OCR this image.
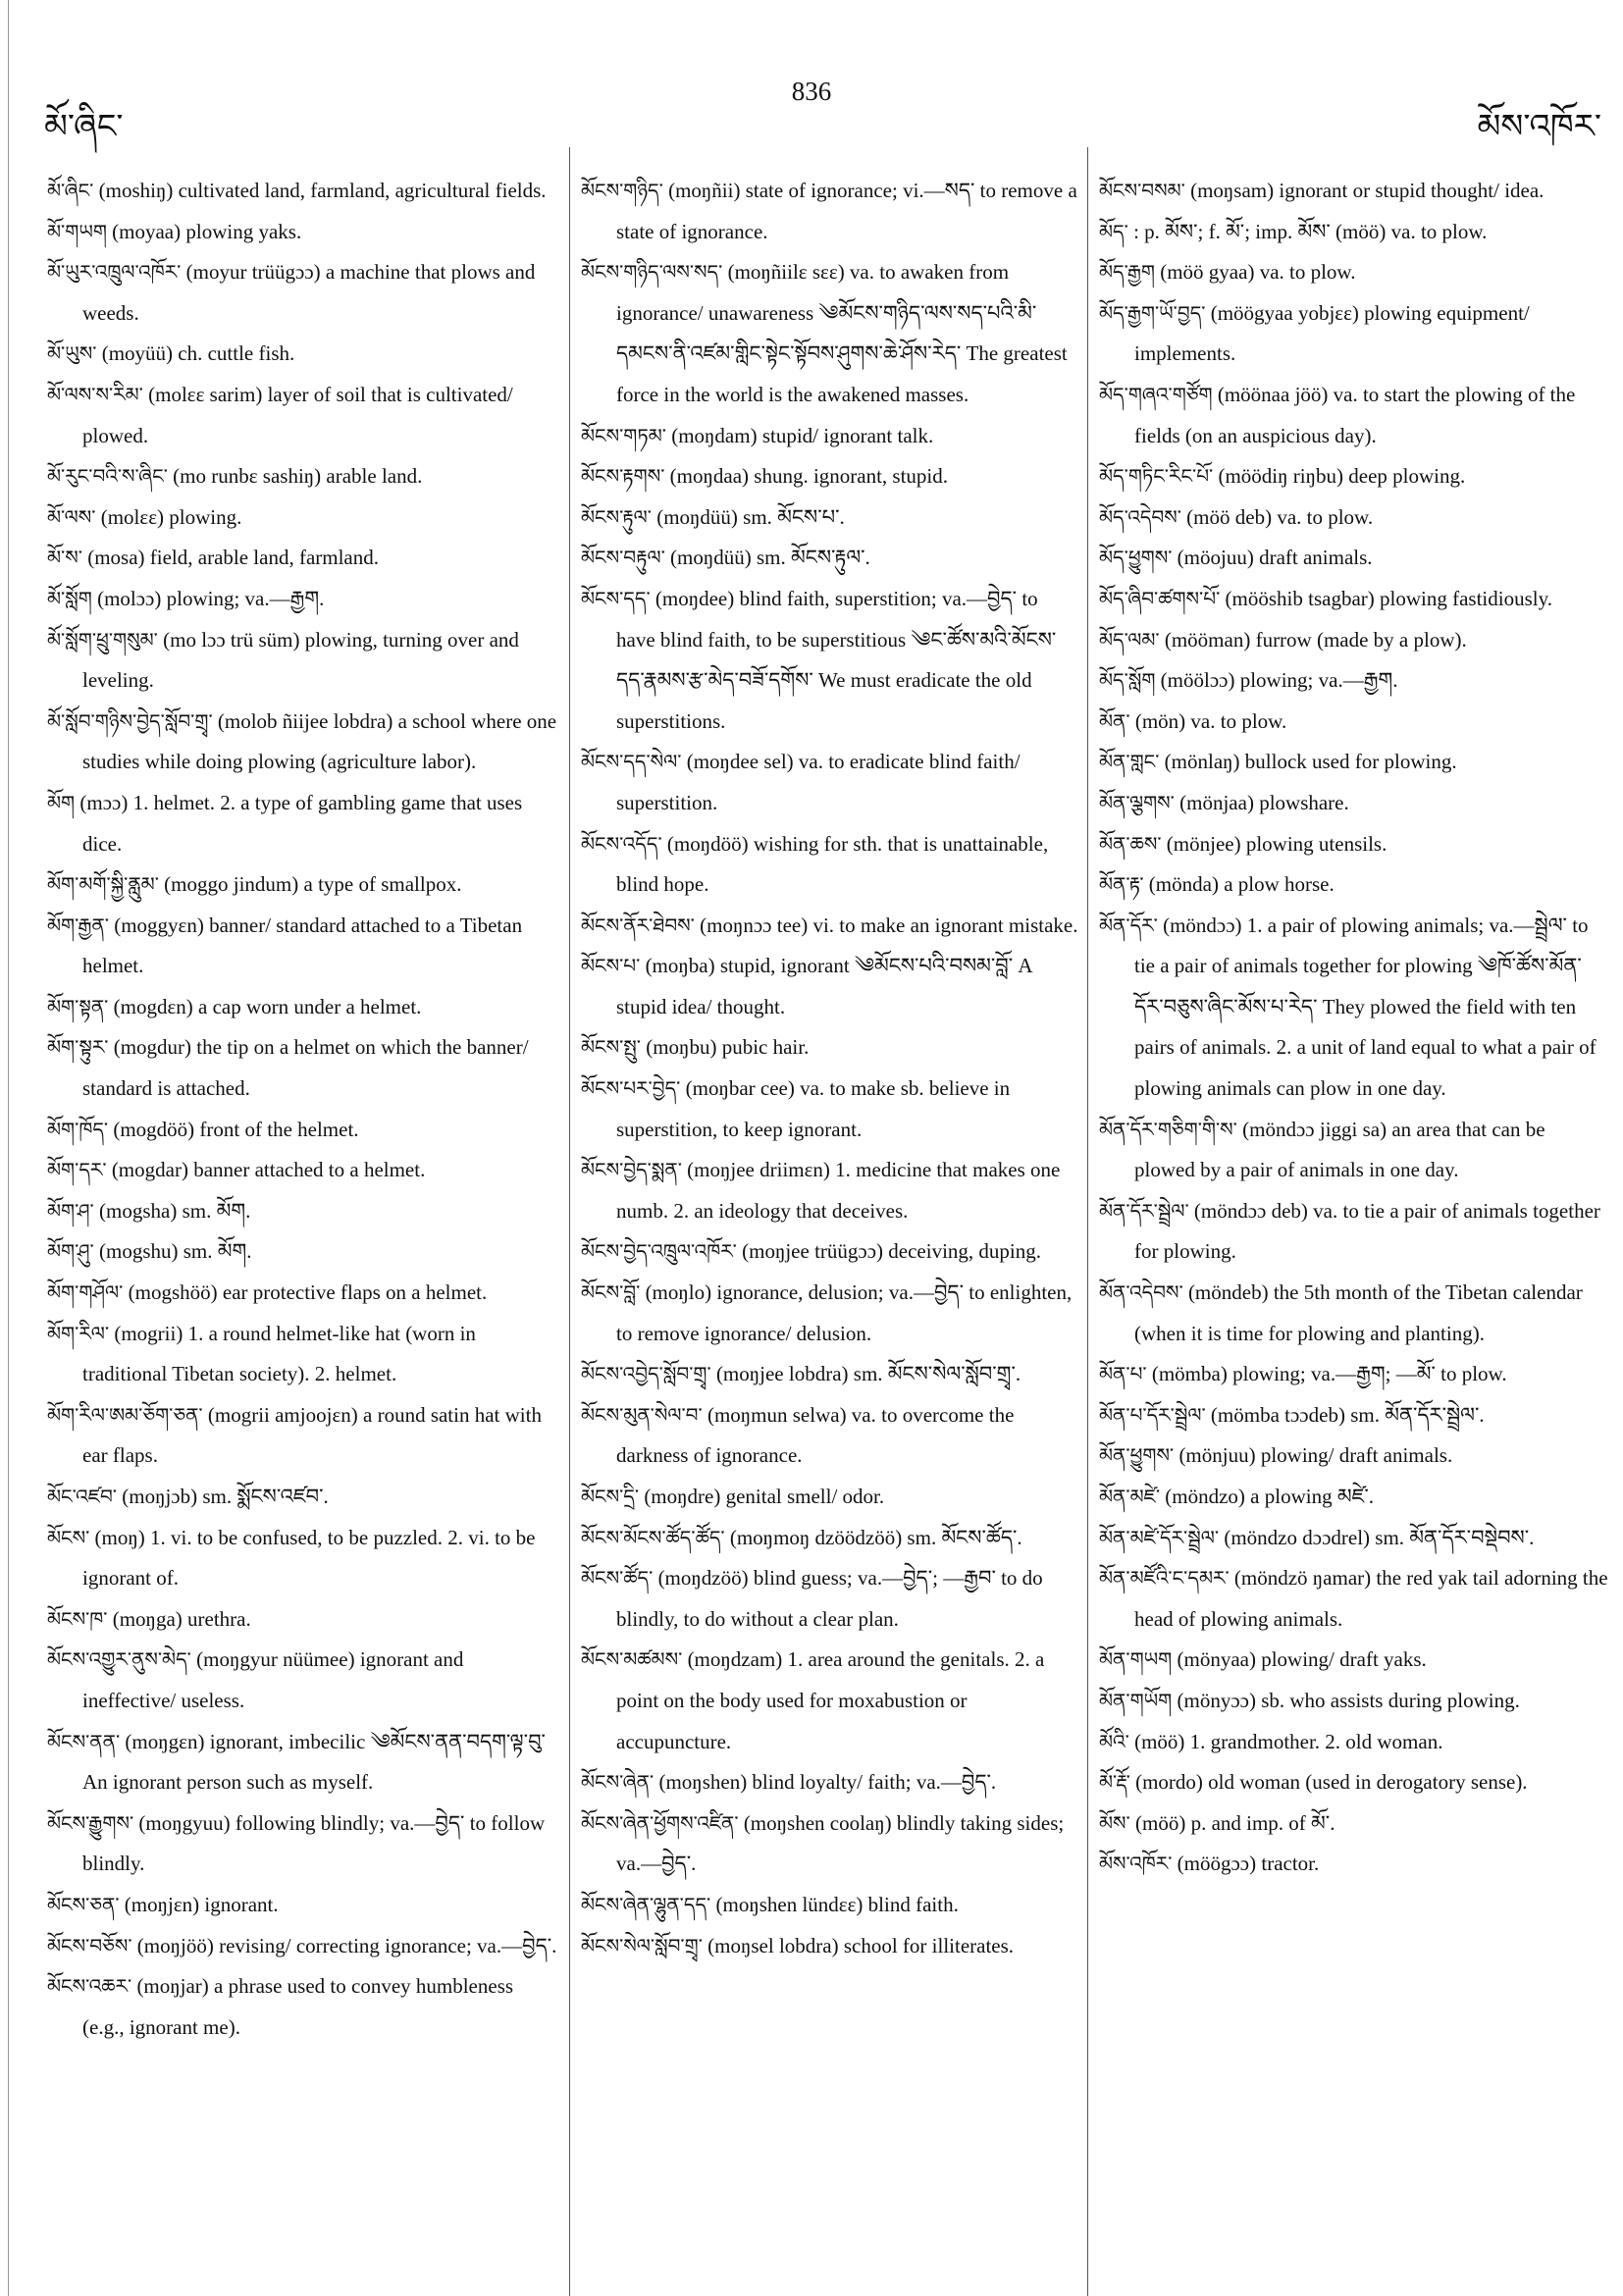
མོ་ཞིང་
836
མོས་འཁོར་

མོ་ཞིང་ (moshiŋ) cultivated land, farmland, agricultural fields.

མོ་གཡག (moyaa) plowing yaks.

མོ་ཡུར་འཁྲུལ་འཁོར་ (moyur trüügɔɔ) a machine that plows and weeds.

མོ་ཡུས་ (moyüü) ch. cuttle fish.

མོ་ལས་ས་རིམ་ (molɛɛ sarim) layer of soil that is cultivated/ plowed.

མོ་རུང་བའི་ས་ཞིང་ (mo runbɛ sashiŋ) arable land.

མོ་ལས་ (molɛɛ) plowing.

མོ་ས་ (mosa) field, arable land, farmland.

མོ་སློག (molɔɔ) plowing; va.—རྒྱག.

མོ་སློག་ཕྲུ་གསུམ་ (mo lɔɔ trü süm) plowing, turning over and leveling.

མོ་སློབ་གཉིས་བྱེད་སློབ་གྲྭ་ (molob ñiijee lobdra) a school where one studies while doing plowing (agriculture labor).

མོག (mɔɔ) 1. helmet. 2. a type of gambling game that uses dice.

མོག་མགོ་སྐྱི་ནླུམ་ (moggo jindum) a type of smallpox.

མོག་རྒྱན་ (moggyɛn) banner/ standard attached to a Tibetan helmet.

མོག་སྟན་ (mogdɛn) a cap worn under a helmet.

མོག་སྟུར་ (mogdur) the tip on a helmet on which the banner/ standard is attached.

མོག་ཁོད་ (mogdöö) front of the helmet.

མོག་དར་ (mogdar) banner attached to a helmet.

མོག་ཤ་ (mogsha) sm. མོག.

མོག་ཤུ་ (mogshu) sm. མོག.

མོག་གཤོལ་ (mogshöö) ear protective flaps on a helmet.

མོག་རིལ་ (mogrii) 1. a round helmet-like hat (worn in traditional Tibetan society). 2. helmet.

མོག་རིལ་ཨམ་ཅོག་ཅན་ (mogrii amjoojɛn) a round satin hat with ear flaps.

མོང་འཛབ་ (moŋjɔb) sm. སྨོངས་འཛབ་.

མོངས་ (moŋ) 1. vi. to be confused, to be puzzled. 2. vi. to be ignorant of.

མོངས་ཁ་ (moŋga) urethra.

མོངས་འགྱུར་ནུས་མེད་ (moŋgyur nüümee) ignorant and ineffective/ useless.

མོངས་ནན་ (moŋgɛn) ignorant, imbecilic ༄མོངས་ནན་བདག་ལྟ་བུ་ An ignorant person such as myself.

མོངས་རྒྱུགས་ (moŋgyuu) following blindly; va.—བྱེད་ to follow blindly.

མོངས་ཅན་ (moŋjɛn) ignorant.

མོངས་བཅོས་ (moŋjöö) revising/ correcting ignorance; va.—བྱེད་.

མོངས་འཆར་ (moŋjar) a phrase used to convey humbleness (e.g., ignorant me).

མོངས་གཉིད་ (moŋñii) state of ignorance; vi.—སད་ to remove a state of ignorance.

མོངས་གཉིད་ལས་སད་ (moŋñiilɛ sɛɛ) va. to awaken from ignorance/ unawareness ༄མོངས་གཉིད་ལས་སད་པའི་མི་དམངས་ནི་འཛམ་གླིང་སྟེང་སྟོབས་ཤུགས་ཆེ་ཤོས་རེད་ The greatest force in the world is the awakened masses.

མོངས་གཏམ་ (moŋdam) stupid/ ignorant talk.

མོངས་རྟགས་ (moŋdaa) shung. ignorant, stupid.

མོངས་རྟུལ་ (moŋdüü) sm. མོངས་པ་.

མོངས་བརྟུལ་ (moŋdüü) sm. མོངས་རྟུལ་.

མོངས་དད་ (moŋdee) blind faith, superstition; va.—བྱེད་ to have blind faith, to be superstitious ༄ང་ཚོས་མའི་མོངས་དད་རྣམས་རྩ་མེད་བཟོ་དགོས་ We must eradicate the old superstitions.

མོངས་དད་སེལ་ (moŋdee sel) va. to eradicate blind faith/ superstition.

མོངས་འདོད་ (moŋdöö) wishing for sth. that is unattainable, blind hope.

མོངས་ནོར་ཐེབས་ (moŋnɔɔ tee) vi. to make an ignorant mistake.

མོངས་པ་ (moŋba) stupid, ignorant ༄མོངས་པའི་བསམ་བློ་ A stupid idea/ thought.

མོངས་སྤུ་ (moŋbu) pubic hair.

མོངས་པར་བྱེད་ (moŋbar cee) va. to make sb. believe in superstition, to keep ignorant.

མོངས་བྱེད་སྨན་ (moŋjee driimɛn) 1. medicine that makes one numb. 2. an ideology that deceives.

མོངས་བྱེད་འཁྲུལ་འཁོར་ (moŋjee trüügɔɔ) deceiving, duping.

མོངས་བློ་ (moŋlo) ignorance, delusion; va.—བྱེད་ to enlighten, to remove ignorance/ delusion.

མོངས་འབྱེད་སློབ་གྲྭ་ (moŋjee lobdra) sm. མོངས་སེལ་སློབ་གྲྭ་.

མོངས་མུན་སེལ་བ་ (moŋmun selwa) va. to overcome the darkness of ignorance.

མོངས་དྲི་ (moŋdre) genital smell/ odor.

མོངས་མོངས་ཚོད་ཚོད་ (moŋmoŋ dzöödzöö) sm. མོངས་ཚོད་.

མོངས་ཚོད་ (moŋdzöö) blind guess; va.—བྱེད་; —རྒྱབ་ to do blindly, to do without a clear plan.

མོངས་མཚམས་ (moŋdzam) 1. area around the genitals. 2. a point on the body used for moxabustion or accupuncture.

མོངས་ཞེན་ (moŋshen) blind loyalty/ faith; va.—བྱེད་.

མོངས་ཞེན་ཕྱོགས་འཛིན་ (moŋshen coolaŋ) blindly taking sides; va.—བྱེད་.

མོངས་ཞེན་ལྷུན་དད་ (moŋshen lündɛɛ) blind faith.

མོངས་སེལ་སློབ་གྲྭ་ (moŋsel lobdra) school for illiterates.

མོངས་བསམ་ (moŋsam) ignorant or stupid thought/ idea.

མོད་ : p. མོས་; f. མོ་; imp. མོས་ (möö) va. to plow.

མོད་རྒྱག (möö gyaa) va. to plow.

མོད་རྒྱག་ཡོ་བྱད་ (möögyaa yobjɛɛ) plowing equipment/ implements.

མོད་གཞའ་གཙོག (möönaa jöö) va. to start the plowing of the fields (on an auspicious day).

མོད་གཏིང་རིང་པོ་ (möödiŋ riŋbu) deep plowing.

མོད་འདེབས་ (möö deb) va. to plow.

མོད་ཕྱུགས་ (möojuu) draft animals.

མོད་ཞིབ་ཚགས་པོ་ (mööshib tsagbar) plowing fastidiously.

མོད་ལམ་ (mööman) furrow (made by a plow).

མོད་སློག (möölɔɔ) plowing; va.—རྒྱག.

མོན་ (mön) va. to plow.

མོན་གླང་ (mönlaŋ) bullock used for plowing.

མོན་ལྕགས་ (mönjaa) plowshare.

མོན་ཆས་ (mönjee) plowing utensils.

མོན་རྟ་ (mönda) a plow horse.

མོན་དོར་ (möndɔɔ) 1. a pair of plowing animals; va.—སྦྲེལ་ to tie a pair of animals together for plowing ༄ཁོ་ཚོས་མོན་དོར་བཅུས་ཞིང་མོས་པ་རེད་ They plowed the field with ten pairs of animals. 2. a unit of land equal to what a pair of plowing animals can plow in one day.

མོན་དོར་གཅིག་གི་ས་ (möndɔɔ jiggi sa) an area that can be plowed by a pair of animals in one day.

མོན་དོར་སྦྲེལ་ (möndɔɔ deb) va. to tie a pair of animals together for plowing.

མོན་འདེབས་ (möndeb) the 5th month of the Tibetan calendar (when it is time for plowing and planting).

མོན་པ་ (mömba) plowing; va.—རྒྱག; —མོ་ to plow.

མོན་པ་དོར་སྦྲེལ་ (mömba tɔɔdeb) sm. མོན་དོར་སྦྲེལ་.

མོན་ཕྱུགས་ (mönjuu) plowing/ draft animals.

མོན་མཛེ་ (möndzo) a plowing མཛེ་.

མོན་མཛེ་དོར་སྦྲེལ་ (möndzo dɔɔdrel) sm. མོན་དོར་བསྡེབས་.

མོན་མཛོའི་ང་དམར་ (möndzö ŋamar) the red yak tail adorning the head of plowing animals.

མོན་གཡག (mönyaa) plowing/ draft yaks.

མོན་གཡོག (mönyɔɔ) sb. who assists during plowing.

མོའི་ (möö) 1. grandmother. 2. old woman.

མོ་རྡོ་ (mordo) old woman (used in derogatory sense).

མོས་ (möö) p. and imp. of མོ་.

མོས་འཁོར་ (möögɔɔ) tractor.
